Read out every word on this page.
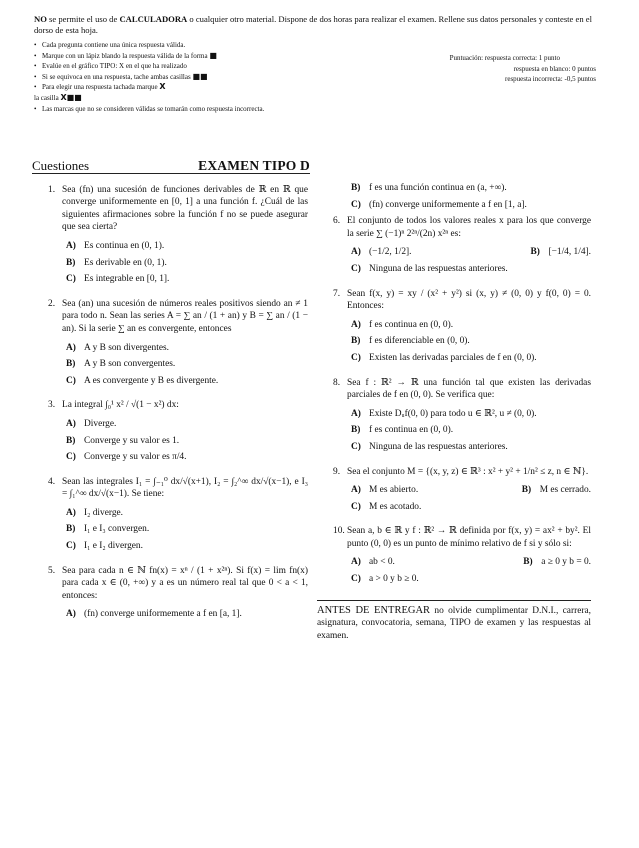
NO se permite el uso de CALCULADORA o cualquier otro material. Dispone de dos horas para realizar el examen. Rellene sus datos personales y conteste en el dorso de esta hoja.

• Cada pregunta contiene una única respuesta válida.
• Marque con un lápiz blando la respuesta válida de la forma ■
• Evalúe en el gráfico TIPO: X en el que ha realizado
• Si se equivoca en una respuesta, tache ambas casillas ■■
• Para elegir una respuesta tachada marque X
la casilla X■■
• Las marcas que no se consideren válidas se tomarán como respuesta incorrecta.
Puntuación: respuesta correcta: 1 punto
respuesta en blanco: 0 puntos
respuesta incorrecta: -0,5 puntos
Cuestiones	EXAMEN TIPO D
1. Sea (fn) una sucesión de funciones derivables de ℝ en ℝ que converge uniformemente en [0, 1] a una función f. ¿Cuál de las siguientes afirmaciones sobre la función f no se puede asegurar que sea cierta?
A) Es continua en (0, 1).
B) Es derivable en (0, 1).
C) Es integrable en [0, 1].
2. Sea (an) una sucesión de números reales positivos siendo an ≠ 1 para todo n. Sean las series A = ∑ an / (1 + an) y B = ∑ an / (1 − an). Si la serie ∑ an es convergente, entonces
A) A y B son divergentes.
B) A y B son convergentes.
C) A es convergente y B es divergente.
3. La integral ∫₀¹ x² / √(1 − x²) dx:
A) Diverge.
B) Converge y su valor es 1.
C) Converge y su valor es π/4.
4. Sean las integrales I₁ = ∫₋₁⁰ dx/√(x+1), I₂ = ∫₂^∞ dx/√(x−1), e I₃ = ∫₁^∞ dx/√(x−1). Se tiene:
A) I₂ diverge.
B) I₁ e I₃ convergen.
C) I₁ e I₂ divergen.
5. Sea para cada n ∈ ℕ fn(x) = xⁿ / (1 + x²ⁿ). Si f(x) = lim fn(x) para cada x ∈ (0, +∞) y a es un número real tal que 0 < a < 1, entonces:
A) (fn) converge uniformemente a f en [a, 1].
B) f es una función continua en (a, +∞).
C) (fn) converge uniformemente a f en [1, a].
6. El conjunto de todos los valores reales x para los que converge la serie ∑ (−1)ⁿ 2²ⁿ/(2n) x²ⁿ es:
A) (−1/2, 1/2].	B) [−1/4, 1/4].
C) Ninguna de las respuestas anteriores.
7. Sean f(x, y) = xy / (x² + y²) si (x, y) ≠ (0, 0) y f(0, 0) = 0. Entonces:
A) f es continua en (0, 0).
B) f es diferenciable en (0, 0).
C) Existen las derivadas parciales de f en (0, 0).
8. Sea f : ℝ² → ℝ una función tal que existen las derivadas parciales de f en (0, 0). Se verifica que:
A) Existe Dᵤf(0, 0) para todo u ∈ ℝ², u ≠ (0, 0).
B) f es continua en (0, 0).
C) Ninguna de las respuestas anteriores.
9. Sea el conjunto M = {(x, y, z) ∈ ℝ³ : x² + y² + 1/n² ≤ z, n ∈ ℕ}.
A) M es abierto.	B) M es cerrado.
C) M es acotado.
10. Sean a, b ∈ ℝ y f : ℝ² → ℝ definida por f(x, y) = ax² + by². El punto (0, 0) es un punto de mínimo relativo de f si y sólo si:
A) ab < 0.	B) a ≥ 0 y b = 0.
C) a > 0 y b ≥ 0.
ANTES DE ENTREGAR no olvide cumplimentar D.N.I., carrera, asignatura, convocatoria, semana, TIPO de examen y las respuestas al examen.
